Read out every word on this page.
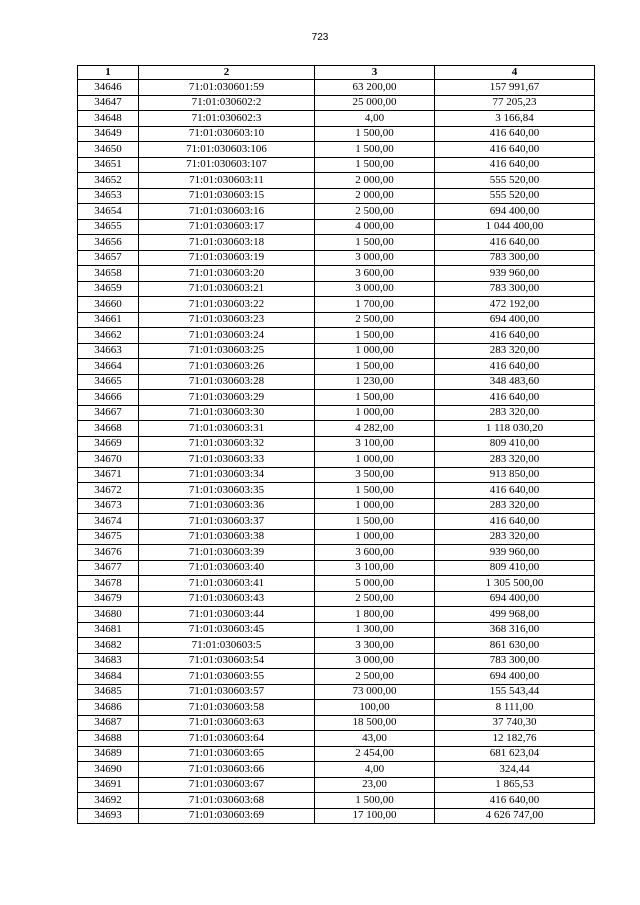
723
1	2	3	4
34646	71:01:030601:59	63 200,00	157 991,67
34647	71:01:030602:2	25 000,00	77 205,23
34648	71:01:030602:3	4,00	3 166,84
34649	71:01:030603:10	1 500,00	416 640,00
34650	71:01:030603:106	1 500,00	416 640,00
34651	71:01:030603:107	1 500,00	416 640,00
34652	71:01:030603:11	2 000,00	555 520,00
34653	71:01:030603:15	2 000,00	555 520,00
34654	71:01:030603:16	2 500,00	694 400,00
34655	71:01:030603:17	4 000,00	1 044 400,00
34656	71:01:030603:18	1 500,00	416 640,00
34657	71:01:030603:19	3 000,00	783 300,00
34658	71:01:030603:20	3 600,00	939 960,00
34659	71:01:030603:21	3 000,00	783 300,00
34660	71:01:030603:22	1 700,00	472 192,00
34661	71:01:030603:23	2 500,00	694 400,00
34662	71:01:030603:24	1 500,00	416 640,00
34663	71:01:030603:25	1 000,00	283 320,00
34664	71:01:030603:26	1 500,00	416 640,00
34665	71:01:030603:28	1 230,00	348 483,60
34666	71:01:030603:29	1 500,00	416 640,00
34667	71:01:030603:30	1 000,00	283 320,00
34668	71:01:030603:31	4 282,00	1 118 030,20
34669	71:01:030603:32	3 100,00	809 410,00
34670	71:01:030603:33	1 000,00	283 320,00
34671	71:01:030603:34	3 500,00	913 850,00
34672	71:01:030603:35	1 500,00	416 640,00
34673	71:01:030603:36	1 000,00	283 320,00
34674	71:01:030603:37	1 500,00	416 640,00
34675	71:01:030603:38	1 000,00	283 320,00
34676	71:01:030603:39	3 600,00	939 960,00
34677	71:01:030603:40	3 100,00	809 410,00
34678	71:01:030603:41	5 000,00	1 305 500,00
34679	71:01:030603:43	2 500,00	694 400,00
34680	71:01:030603:44	1 800,00	499 968,00
34681	71:01:030603:45	1 300,00	368 316,00
34682	71:01:030603:5	3 300,00	861 630,00
34683	71:01:030603:54	3 000,00	783 300,00
34684	71:01:030603:55	2 500,00	694 400,00
34685	71:01:030603:57	73 000,00	155 543,44
34686	71:01:030603:58	100,00	8 111,00
34687	71:01:030603:63	18 500,00	37 740,30
34688	71:01:030603:64	43,00	12 182,76
34689	71:01:030603:65	2 454,00	681 623,04
34690	71:01:030603:66	4,00	324,44
34691	71:01:030603:67	23,00	1 865,53
34692	71:01:030603:68	1 500,00	416 640,00
34693	71:01:030603:69	17 100,00	4 626 747,00
